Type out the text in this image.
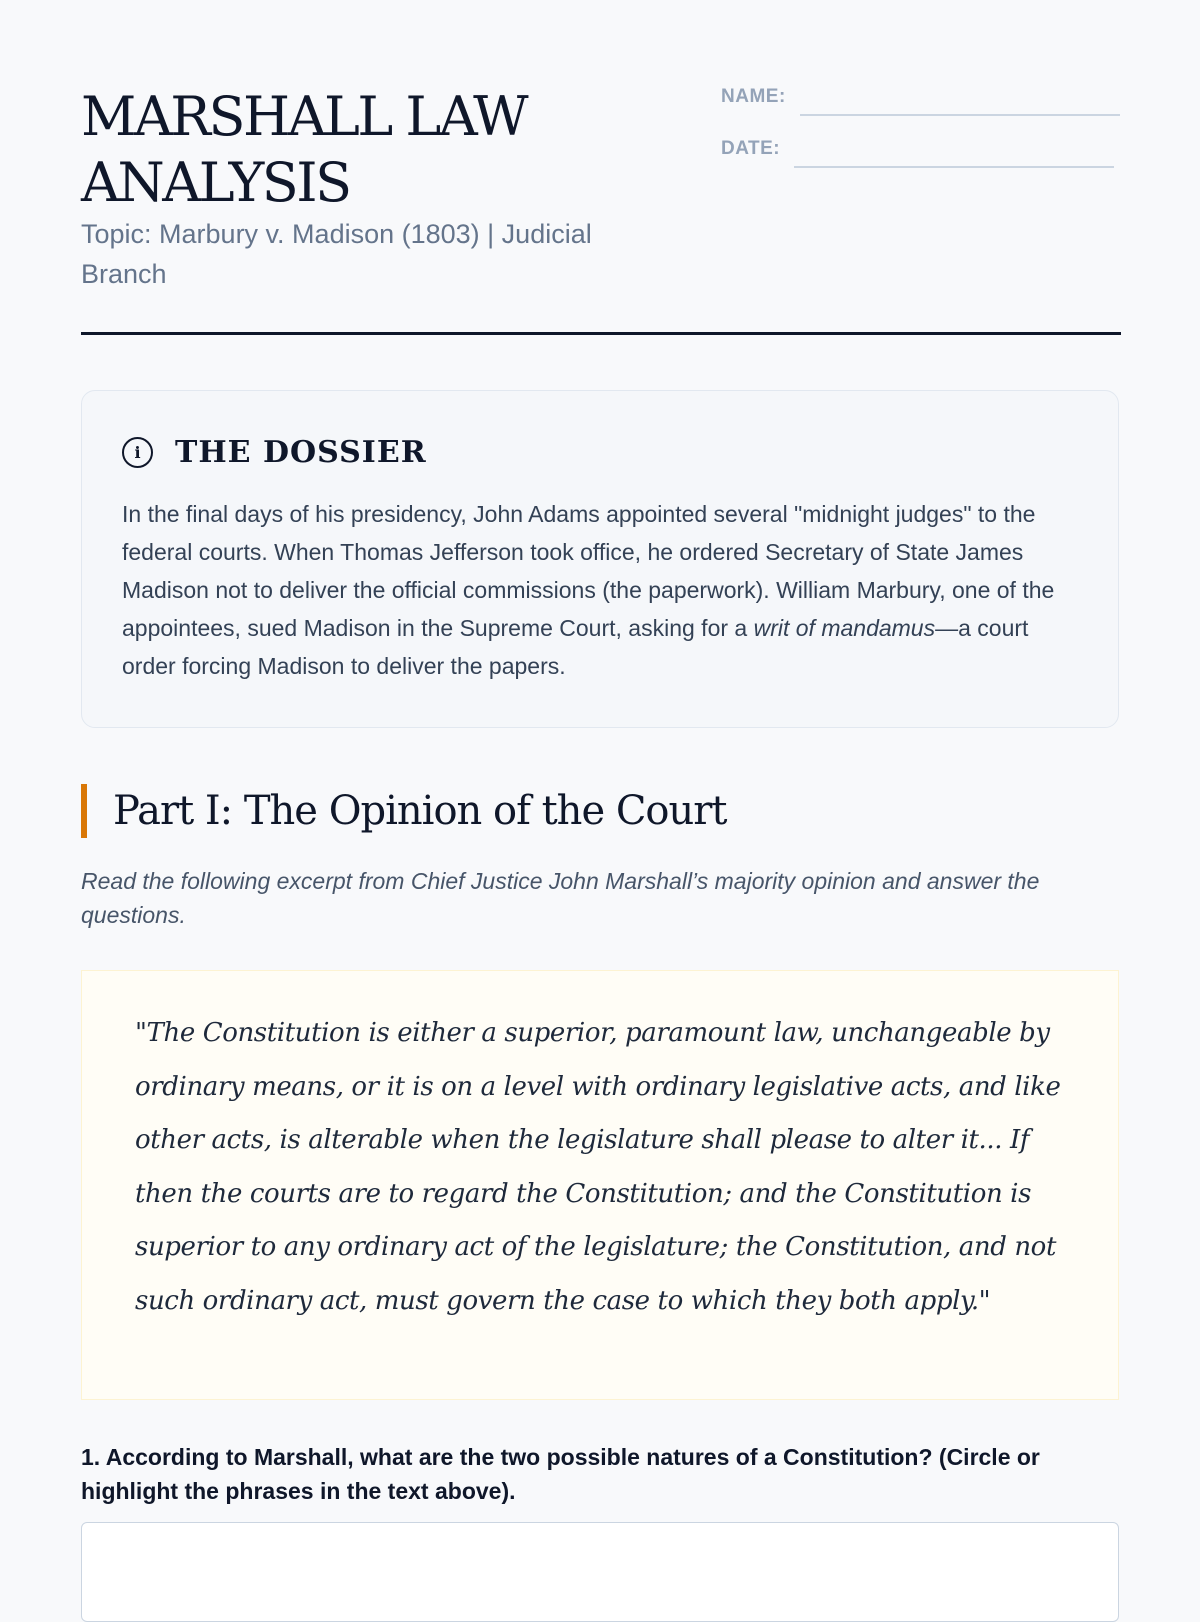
MARSHALL LAW ANALYSIS

Topic: Marbury v. Madison (1803) | Judicial Branch

NAME:
DATE:
i	THE DOSSIER

In the final days of his presidency, John Adams appointed several "midnight judges" to the federal courts. When Thomas Jefferson took office, he ordered Secretary of State James Madison not to deliver the official commissions (the paperwork). William Marbury, one of the appointees, sued Madison in the Supreme Court, asking for a writ of mandamus—a court order forcing Madison to deliver the papers.

Part I: The Opinion of the Court

Read the following excerpt from Chief Justice John Marshall’s majority opinion and answer the questions.

"The Constitution is either a superior, paramount law, unchangeable by ordinary means, or it is on a level with ordinary legislative acts, and like other acts, is alterable when the legislature shall please to alter it... If then the courts are to regard the Constitution; and the Constitution is superior to any ordinary act of the legislature; the Constitution, and not such ordinary act, must govern the case to which they both apply."

1. According to Marshall, what are the two possible natures of a Constitution? (Circle or highlight the phrases in the text above).
